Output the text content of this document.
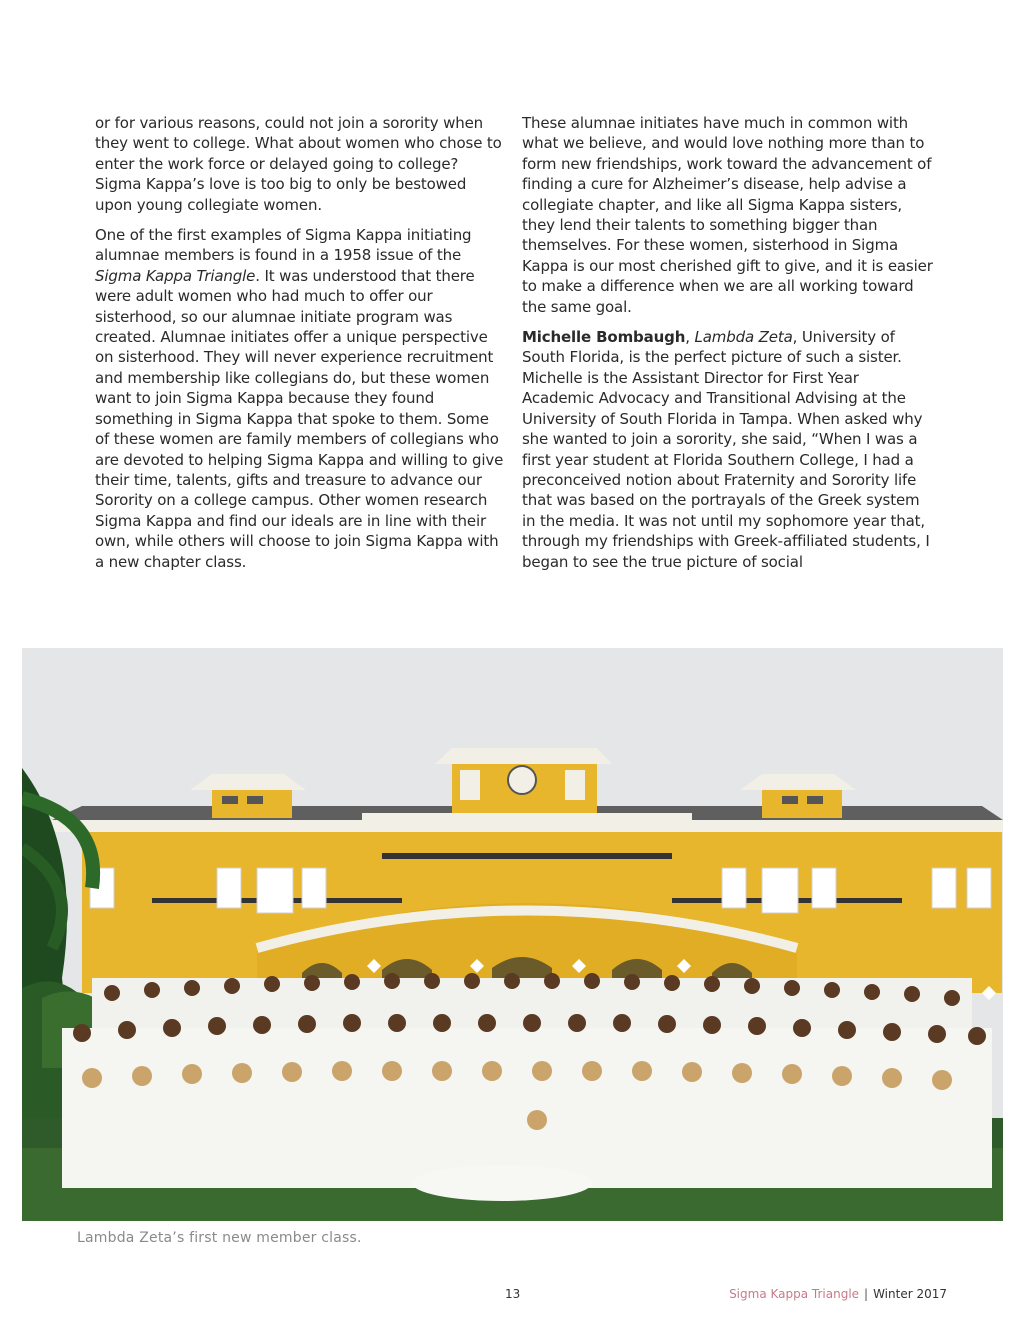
or for various reasons, could not join a sorority when they went to college. What about women who chose to enter the work force or delayed going to college? Sigma Kappa’s love is too big to only be bestowed upon young collegiate women.

One of the first examples of Sigma Kappa initiating alumnae members is found in a 1958 issue of the Sigma Kappa Triangle. It was understood that there were adult women who had much to offer our sisterhood, so our alumnae initiate program was created. Alumnae initiates offer a unique perspective on sisterhood. They will never experience recruitment and membership like collegians do, but these women want to join Sigma Kappa because they found something in Sigma Kappa that spoke to them. Some of these women are family members of collegians who are devoted to helping Sigma Kappa and willing to give their time, talents, gifts and treasure to advance our Sorority on a college campus. Other women research Sigma Kappa and find our ideals are in line with their own, while others will choose to join Sigma Kappa with a new chapter class.

These alumnae initiates have much in common with what we believe, and would love nothing more than to form new friendships, work toward the advancement of finding a cure for Alzheimer’s disease, help advise a collegiate chapter, and like all Sigma Kappa sisters, they lend their talents to something bigger than themselves. For these women, sisterhood in Sigma Kappa is our most cherished gift to give, and it is easier to make a difference when we are all working toward the same goal.

Michelle Bombaugh, Lambda Zeta, University of South Florida, is the perfect picture of such a sister. Michelle is the Assistant Director for First Year Academic Advocacy and Transitional Advising at the University of South Florida in Tampa. When asked why she wanted to join a sorority, she said, “When I was a first year student at Florida Southern College, I had a preconceived notion about Fraternity and Sorority life that was based on the portrayals of the Greek system in the media. It was not until my sophomore year that, through my friendships with Greek-affiliated students, I began to see the true picture of social

Lambda Zeta’s first new member class.
13	Sigma Kappa Triangle | Winter 2017
